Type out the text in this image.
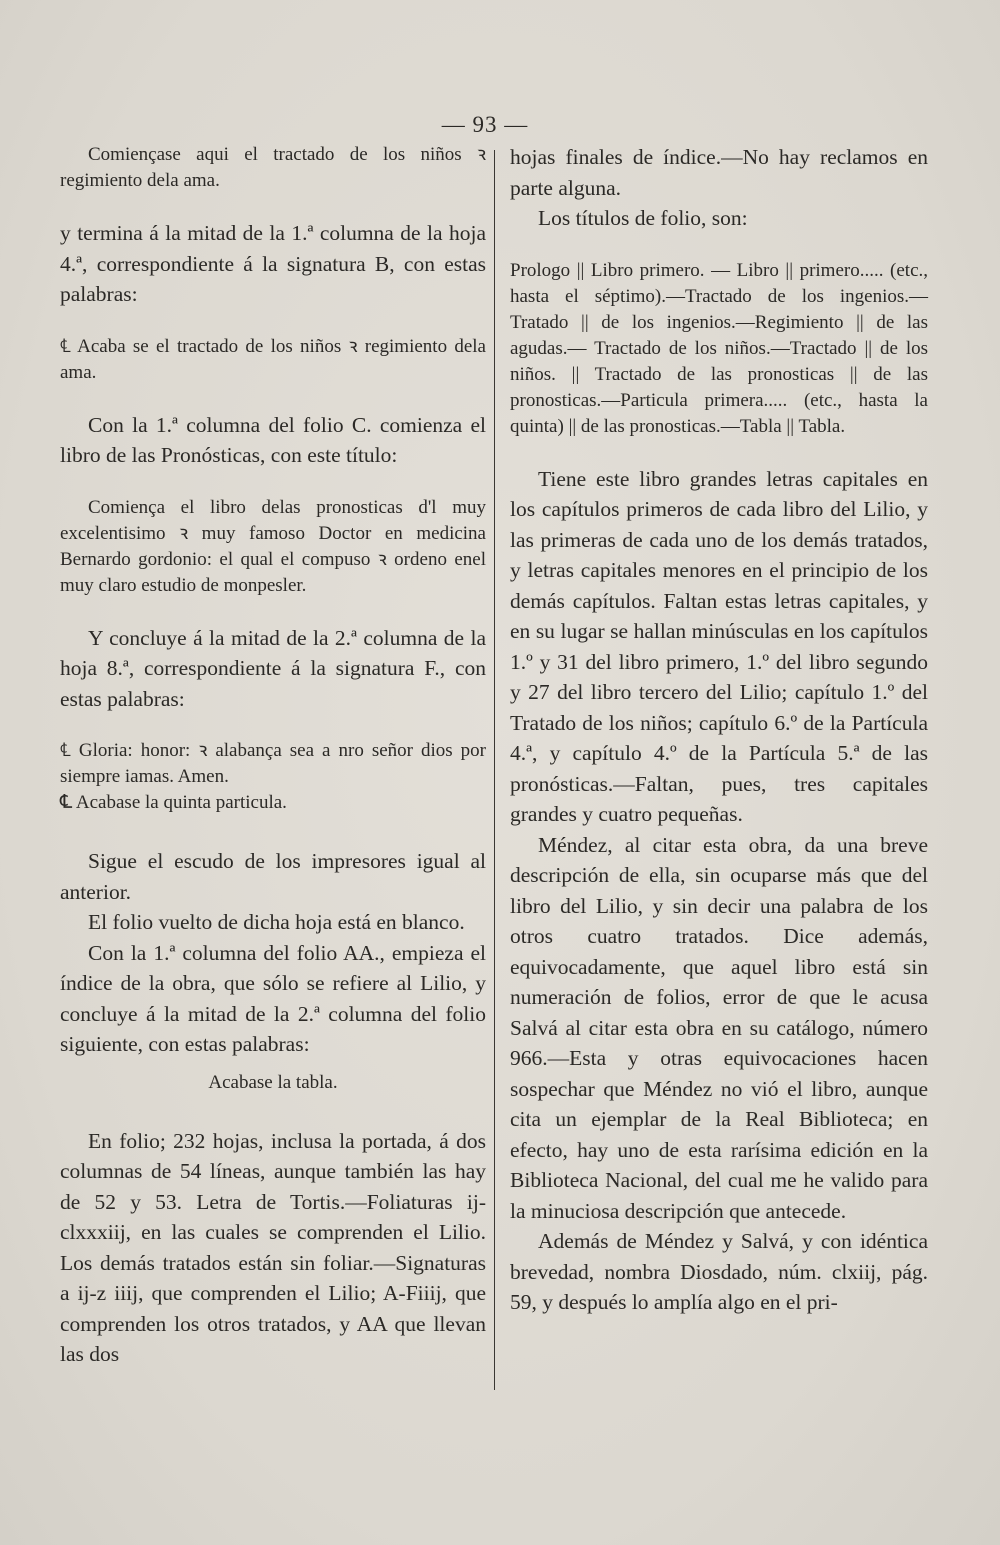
— 93 —

Comiençase aqui el tractado de los niños ꝛ regimiento dela ama.

y termina á la mitad de la 1.ª columna de la hoja 4.ª, correspondiente á la signatura B, con estas palabras:

℄ Acaba se el tractado de los niños ꝛ regimiento dela ama.

Con la 1.ª columna del folio C. comienza el libro de las Pronósticas, con este título:

Comiença el libro delas pronosticas d'l muy excelentisimo ꝛ muy famoso Doctor en medicina Bernardo gordonio: el qual el compuso ꝛ ordeno enel muy claro estudio de monpesler.

Y concluye á la mitad de la 2.ª columna de la hoja 8.ª, correspondiente á la signatura F., con estas palabras:

℄ Gloria: honor: ꝛ alabança sea a nro señor dios por siempre iamas. Amen.

℄ Acabase la quinta particula.

Sigue el escudo de los impresores igual al anterior.

El folio vuelto de dicha hoja está en blanco.

Con la 1.ª columna del folio AA., empieza el índice de la obra, que sólo se refiere al Lilio, y concluye á la mitad de la 2.ª columna del folio siguiente, con estas palabras:

Acabase la tabla.

En folio; 232 hojas, inclusa la portada, á dos columnas de 54 líneas, aunque también las hay de 52 y 53. Letra de Tortis.—Foliaturas ij-clxxxiij, en las cuales se comprenden el Lilio. Los demás tratados están sin foliar.—Signaturas a ij-z iiij, que comprenden el Lilio; A-Fiiij, que comprenden los otros tratados, y AA que llevan las dos

hojas finales de índice.—No hay reclamos en parte alguna.

Los títulos de folio, son:

Prologo || Libro primero. — Libro || primero..... (etc., hasta el séptimo).—Tractado de los ingenios.—Tratado || de los ingenios.—Regimiento || de las agudas.— Tractado de los niños.—Tractado || de los niños. || Tractado de las pronosticas || de las pronosticas.—Particula primera..... (etc., hasta la quinta) || de las pronosticas.—Tabla || Tabla.

Tiene este libro grandes letras capitales en los capítulos primeros de cada libro del Lilio, y las primeras de cada uno de los demás tratados, y letras capitales menores en el principio de los demás capítulos. Faltan estas letras capitales, y en su lugar se hallan minúsculas en los capítulos 1.º y 31 del libro primero, 1.º del libro segundo y 27 del libro tercero del Lilio; capítulo 1.º del Tratado de los niños; capítulo 6.º de la Partícula 4.ª, y capítulo 4.º de la Partícula 5.ª de las pronósticas.—Faltan, pues, tres capitales grandes y cuatro pequeñas.

Méndez, al citar esta obra, da una breve descripción de ella, sin ocuparse más que del libro del Lilio, y sin decir una palabra de los otros cuatro tratados. Dice además, equivocadamente, que aquel libro está sin numeración de folios, error de que le acusa Salvá al citar esta obra en su catálogo, número 966.—Esta y otras equivocaciones hacen sospechar que Méndez no vió el libro, aunque cita un ejemplar de la Real Biblioteca; en efecto, hay uno de esta rarísima edición en la Biblioteca Nacional, del cual me he valido para la minuciosa descripción que antecede.

Además de Méndez y Salvá, y con idéntica brevedad, nombra Diosdado, núm. clxiij, pág. 59, y después lo amplía algo en el pri-
